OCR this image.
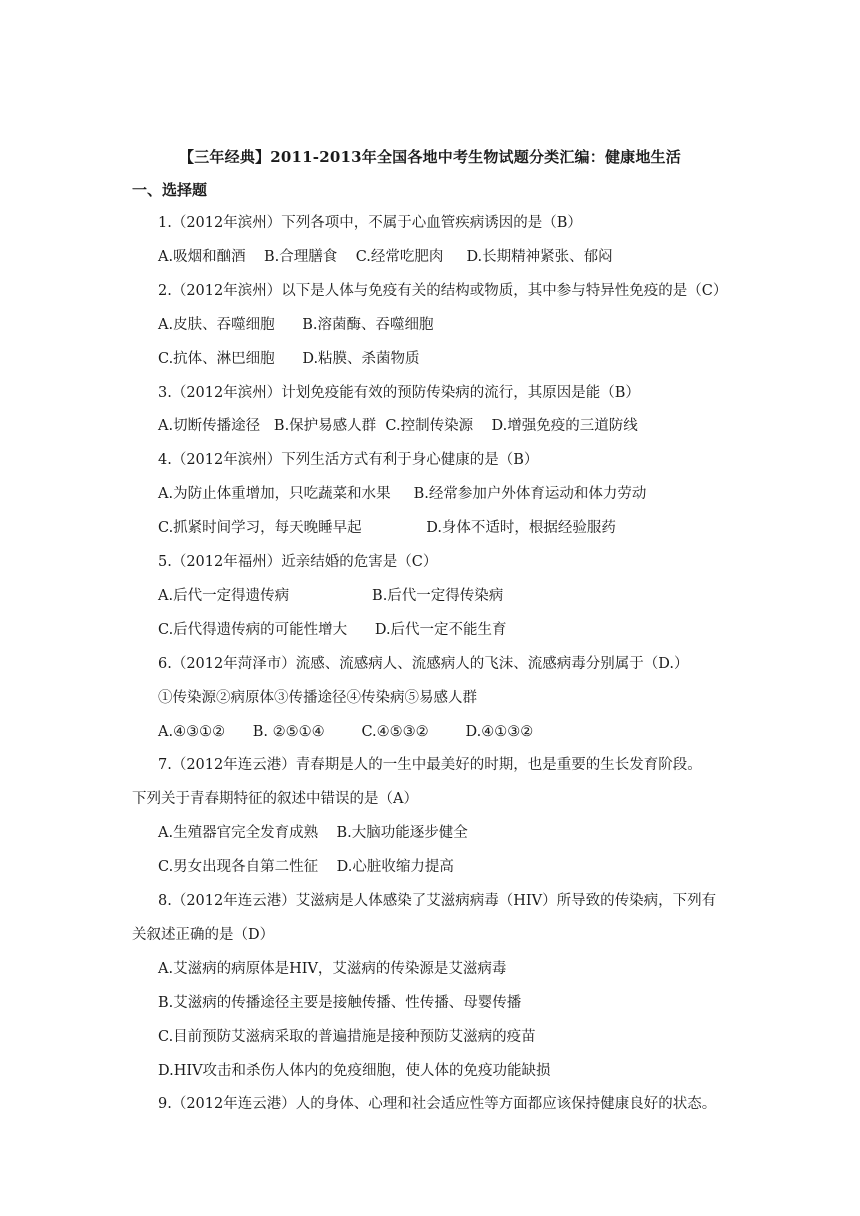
【三年经典】2011-2013年全国各地中考生物试题分类汇编：健康地生活
一、选择题
1.（2012年滨州）下列各项中，不属于心血管疾病诱因的是（B）
A.吸烟和酗酒    B.合理膳食    C.经常吃肥肉     D.长期精神紧张、郁闷
2.（2012年滨州）以下是人体与免疫有关的结构或物质，其中参与特异性免疫的是（C）
A.皮肤、吞噬细胞      B.溶菌酶、吞噬细胞
C.抗体、淋巴细胞      D.粘膜、杀菌物质
3.（2012年滨州）计划免疫能有效的预防传染病的流行，其原因是能（B）
A.切断传播途径   B.保护易感人群  C.控制传染源    D.增强免疫的三道防线
4.（2012年滨州）下列生活方式有利于身心健康的是（B）
A.为防止体重增加，只吃蔬菜和水果     B.经常参加户外体育运动和体力劳动
C.抓紧时间学习，每天晚睡早起              D.身体不适时，根据经验服药
5.（2012年福州）近亲结婚的危害是（C）
A.后代一定得遗传病                  B.后代一定得传染病
C.后代得遗传病的可能性增大      D.后代一定不能生育
6.（2012年菏泽市）流感、流感病人、流感病人的飞沫、流感病毒分别属于（D.）
①传染源②病原体③传播途径④传染病⑤易感人群
A.④③①②      B. ②⑤①④        C.④⑤③②        D.④①③②
7.（2012年连云港）青春期是人的一生中最美好的时期，也是重要的生长发育阶段。
下列关于青春期特征的叙述中错误的是（A）
A.生殖器官完全发育成熟    B.大脑功能逐步健全
C.男女出现各自第二性征    D.心脏收缩力提高
8.（2012年连云港）艾滋病是人体感染了艾滋病病毒（HIV）所导致的传染病，下列有
关叙述正确的是（D）
A.艾滋病的病原体是HIV，艾滋病的传染源是艾滋病毒
B.艾滋病的传播途径主要是接触传播、性传播、母婴传播
C.目前预防艾滋病采取的普遍措施是接种预防艾滋病的疫苗
D.HIV攻击和杀伤人体内的免疫细胞，使人体的免疫功能缺损
9.（2012年连云港）人的身体、心理和社会适应性等方面都应该保持健康良好的状态。
